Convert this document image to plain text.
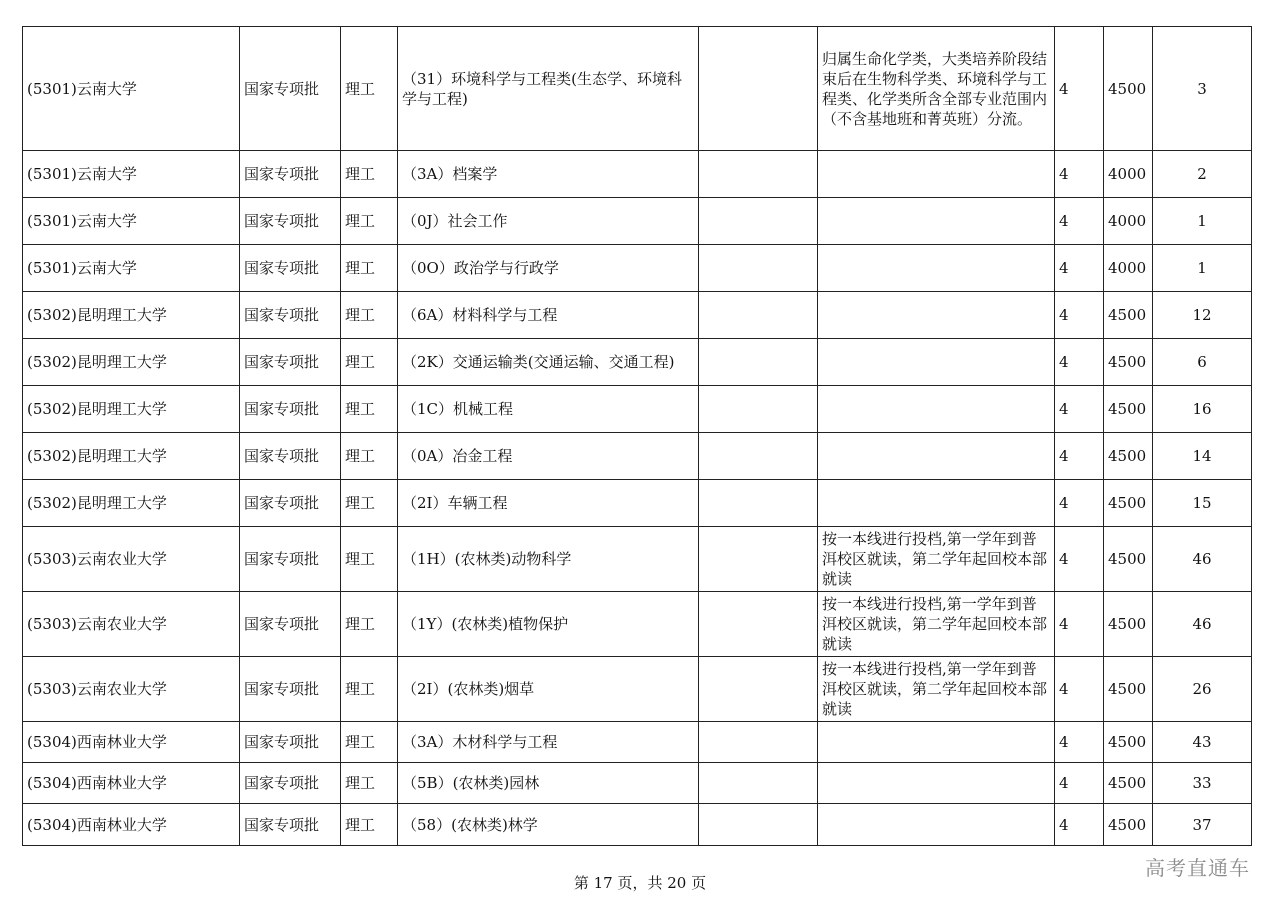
(5301)云南大学	国家专项批	理工	（31）环境科学与工程类(生态学、环境科学与工程)		归属生命化学类，大类培养阶段结束后在生物科学类、环境科学与工程类、化学类所含全部专业范围内（不含基地班和菁英班）分流。	4	4500	3
(5301)云南大学	国家专项批	理工	（3A）档案学			4	4000	2
(5301)云南大学	国家专项批	理工	（0J）社会工作			4	4000	1
(5301)云南大学	国家专项批	理工	（0O）政治学与行政学			4	4000	1
(5302)昆明理工大学	国家专项批	理工	（6A）材料科学与工程			4	4500	12
(5302)昆明理工大学	国家专项批	理工	（2K）交通运输类(交通运输、交通工程)			4	4500	6
(5302)昆明理工大学	国家专项批	理工	（1C）机械工程			4	4500	16
(5302)昆明理工大学	国家专项批	理工	（0A）冶金工程			4	4500	14
(5302)昆明理工大学	国家专项批	理工	（2I）车辆工程			4	4500	15
(5303)云南农业大学	国家专项批	理工	（1H）(农林类)动物科学		按一本线进行投档,第一学年到普洱校区就读，第二学年起回校本部就读	4	4500	46
(5303)云南农业大学	国家专项批	理工	（1Y）(农林类)植物保护		按一本线进行投档,第一学年到普洱校区就读，第二学年起回校本部就读	4	4500	46
(5303)云南农业大学	国家专项批	理工	（2I）(农林类)烟草		按一本线进行投档,第一学年到普洱校区就读，第二学年起回校本部就读	4	4500	26
(5304)西南林业大学	国家专项批	理工	（3A）木材科学与工程			4	4500	43
(5304)西南林业大学	国家专项批	理工	（5B）(农林类)园林			4	4500	33
(5304)西南林业大学	国家专项批	理工	（58）(农林类)林学			4	4500	37
第 17 页，共 20 页
高考直通车
